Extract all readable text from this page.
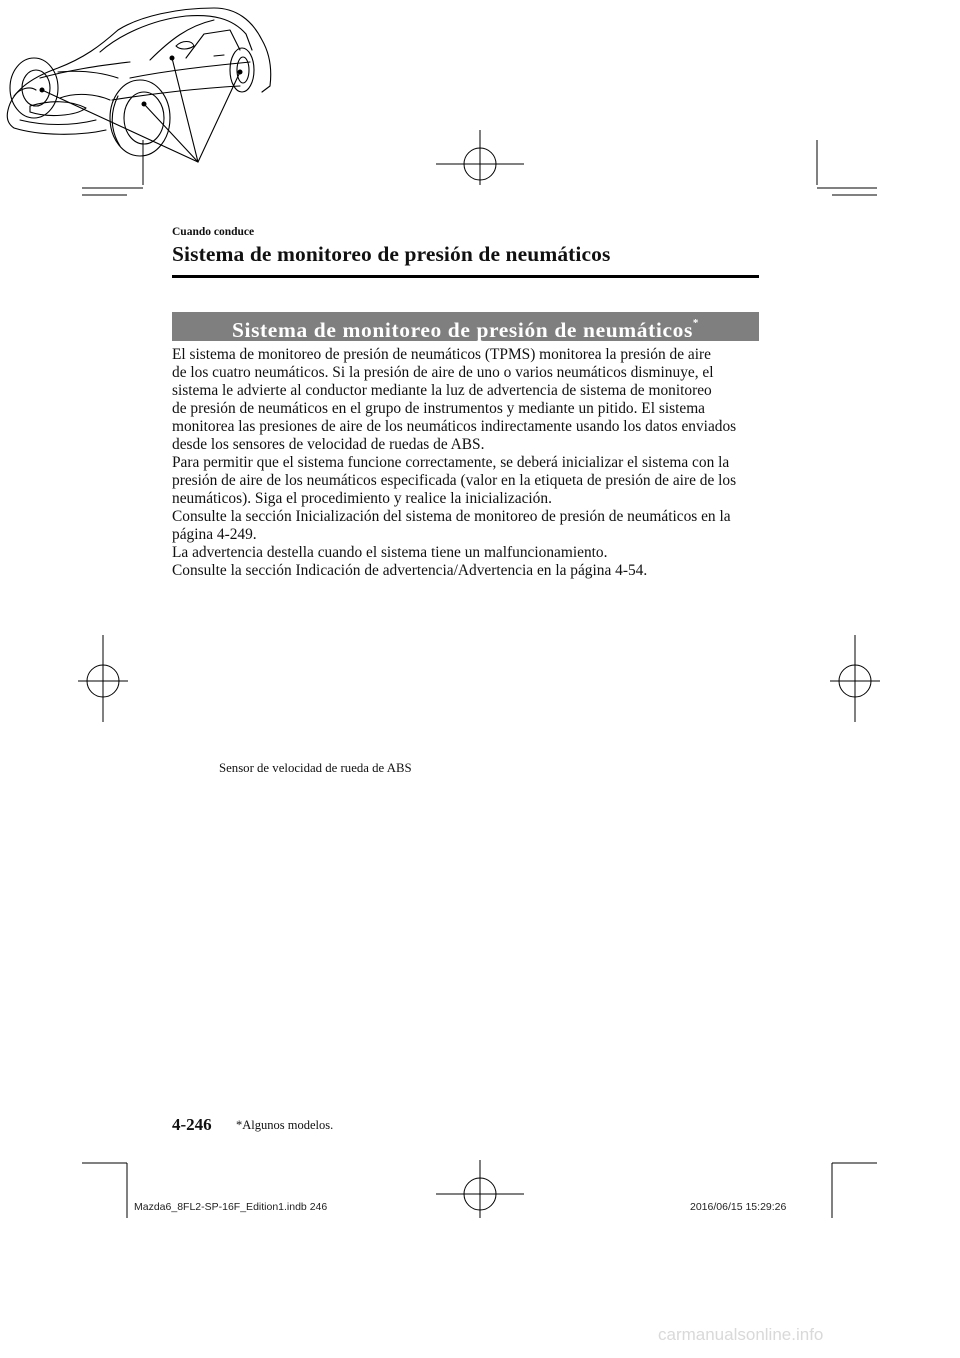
Cuando conduce
Sistema de monitoreo de presión de neumáticos
Sistema de monitoreo de presión de neumáticos*
El sistema de monitoreo de presión de neumáticos (TPMS) monitorea la presión de aire
de los cuatro neumáticos. Si la presión de aire de uno o varios neumáticos disminuye, el
sistema le advierte al conductor mediante la luz de advertencia de sistema de monitoreo
de presión de neumáticos en el grupo de instrumentos y mediante un pitido. El sistema
monitorea las presiones de aire de los neumáticos indirectamente usando los datos enviados
desde los sensores de velocidad de ruedas de ABS.
Para permitir que el sistema funcione correctamente, se deberá inicializar el sistema con la
presión de aire de los neumáticos especificada (valor en la etiqueta de presión de aire de los
neumáticos). Siga el procedimiento y realice la inicialización.
Consulte la sección Inicialización del sistema de monitoreo de presión de neumáticos en la
página 4-249.
La advertencia destella cuando el sistema tiene un malfuncionamiento.
Consulte la sección Indicación de advertencia/Advertencia en la página 4-54.
Sensor de velocidad de rueda de ABS
4-246 *Algunos modelos.
Mazda6_8FL2-SP-16F_Edition1.indb 246	2016/06/15 15:29:26
carmanualsonline.info
